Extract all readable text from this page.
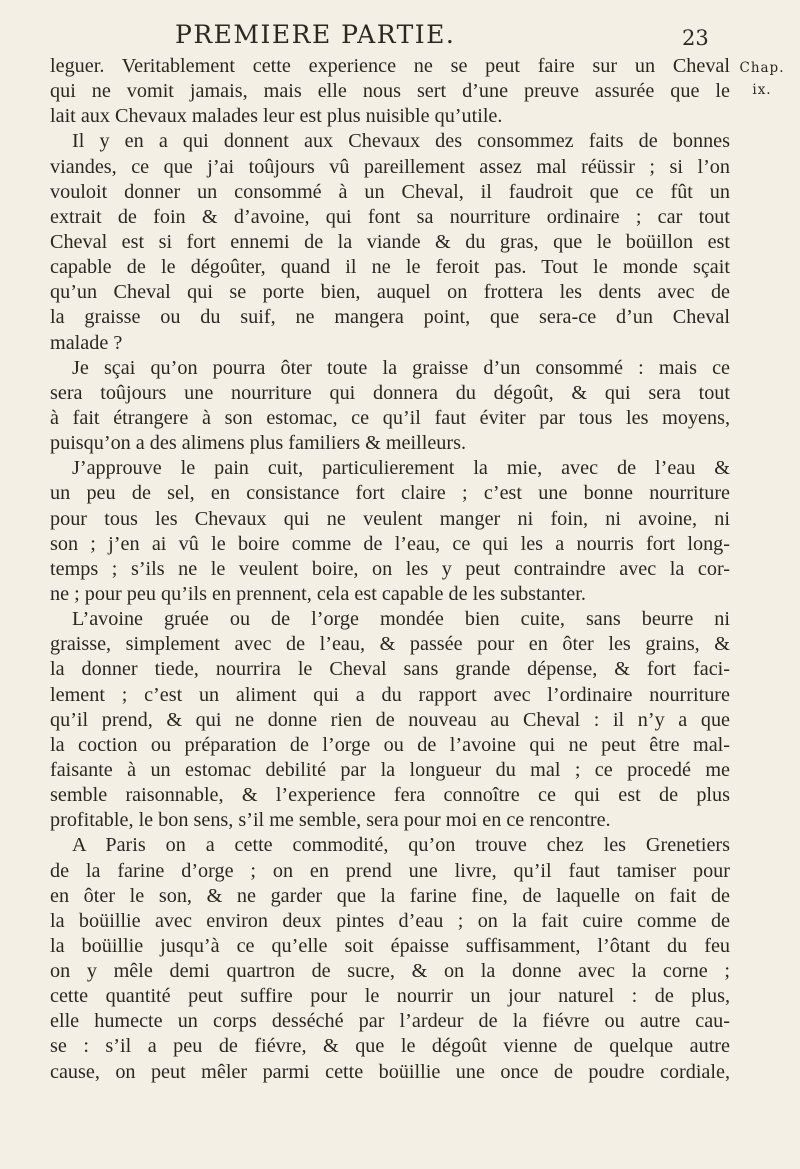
PREMIERE PARTIE.	23
Chap.
ix.
leguer. Veritablement cette experience ne se peut faire sur un Cheval
qui ne vomit jamais, mais elle nous sert d’une preuve assurée que le
lait aux Chevaux malades leur est plus nuisible qu’utile.
Il y en a qui donnent aux Chevaux des consommez faits de bonnes
viandes, ce que j’ai toûjours vû pareillement assez mal réüssir ; si l’on
vouloit donner un consommé à un Cheval, il faudroit que ce fût un
extrait de foin & d’avoine, qui font sa nourriture ordinaire ; car tout
Cheval est si fort ennemi de la viande & du gras, que le boüillon est
capable de le dégoûter, quand il ne le feroit pas. Tout le monde sçait
qu’un Cheval qui se porte bien, auquel on frottera les dents avec de
la graisse ou du suif, ne mangera point, que sera-ce d’un Cheval
malade ?
Je sçai qu’on pourra ôter toute la graisse d’un consommé : mais ce
sera toûjours une nourriture qui donnera du dégoût, & qui sera tout
à fait étrangere à son estomac, ce qu’il faut éviter par tous les moyens,
puisqu’on a des alimens plus familiers & meilleurs.
J’approuve le pain cuit, particulierement la mie, avec de l’eau &
un peu de sel, en consistance fort claire ; c’est une bonne nourriture
pour tous les Chevaux qui ne veulent manger ni foin, ni avoine, ni
son ; j’en ai vû le boire comme de l’eau, ce qui les a nourris fort long-
temps ; s’ils ne le veulent boire, on les y peut contraindre avec la cor-
ne ; pour peu qu’ils en prennent, cela est capable de les substanter.
L’avoine gruée ou de l’orge mondée bien cuite, sans beurre ni
graisse, simplement avec de l’eau, & passée pour en ôter les grains, &
la donner tiede, nourrira le Cheval sans grande dépense, & fort faci-
lement ; c’est un aliment qui a du rapport avec l’ordinaire nourriture
qu’il prend, & qui ne donne rien de nouveau au Cheval : il n’y a que
la coction ou préparation de l’orge ou de l’avoine qui ne peut être mal-
faisante à un estomac debilité par la longueur du mal ; ce procedé me
semble raisonnable, & l’experience fera connoître ce qui est de plus
profitable, le bon sens, s’il me semble, sera pour moi en ce rencontre.
A Paris on a cette commodité, qu’on trouve chez les Grenetiers
de la farine d’orge ; on en prend une livre, qu’il faut tamiser pour
en ôter le son, & ne garder que la farine fine, de laquelle on fait de
la boüillie avec environ deux pintes d’eau ; on la fait cuire comme de
la boüillie jusqu’à ce qu’elle soit épaisse suffisamment, l’ôtant du feu
on y mêle demi quartron de sucre, & on la donne avec la corne ;
cette quantité peut suffire pour le nourrir un jour naturel : de plus,
elle humecte un corps desséché par l’ardeur de la fiévre ou autre cau-
se : s’il a peu de fiévre, & que le dégoût vienne de quelque autre
cause, on peut mêler parmi cette boüillie une once de poudre cordiale,
